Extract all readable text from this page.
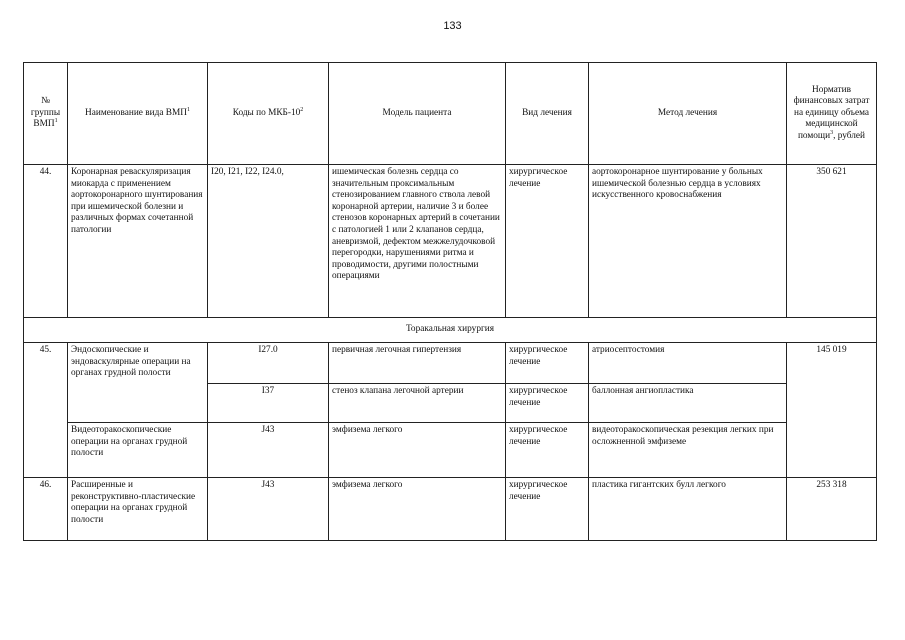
133
№ группы ВМП$^1$	Наименование вида ВМП$^1$	Коды по МКБ-$10^2$	Модель пациента	Вид лечения	Метод лечения	Норматив финансовых затрат на единицу объема медицинской помощи$^3$, рублей
44.	Коронарная реваскуляризация миокарда с применением аортокоронарного шунтирования при ишемической болезни и различных формах сочетанной патологии	I20, I21, I22, I24.0,	ишемическая болезнь сердца со значительным проксимальным стенозированием главного ствола левой коронарной артерии, наличие 3 и более стенозов коронарных артерий в сочетании с патологией 1 или 2 клапанов сердца, аневризмой, дефектом межжелудочковой перегородки, нарушениями ритма и проводимости, другими полостными операциями	хирургическое лечение	аортокоронарное шунтирование у больных ишемической болезнью сердца в условиях искусственного кровоснабжения	350 621
Торакальная хирургия						
45.	Эндоскопические и эндоваскулярные операции на органах грудной полости	I27.0	первичная легочная гипертензия	хирургическое лечение	атриосептостомия	145 019
		I37	стеноз клапана легочной артерии	хирургическое лечение	баллонная ангиопластика	
	Видеоторакоскопические операции на органах грудной полости	J43	эмфизема легкого	хирургическое лечение	видеоторакоскопическая резекция легких при осложненной эмфиземе	
46.	Расширенные и реконструктивно-пластические операции на органах грудной полости	J43	эмфизема легкого	хирургическое лечение	пластика гигантских булл легкого	253 318
